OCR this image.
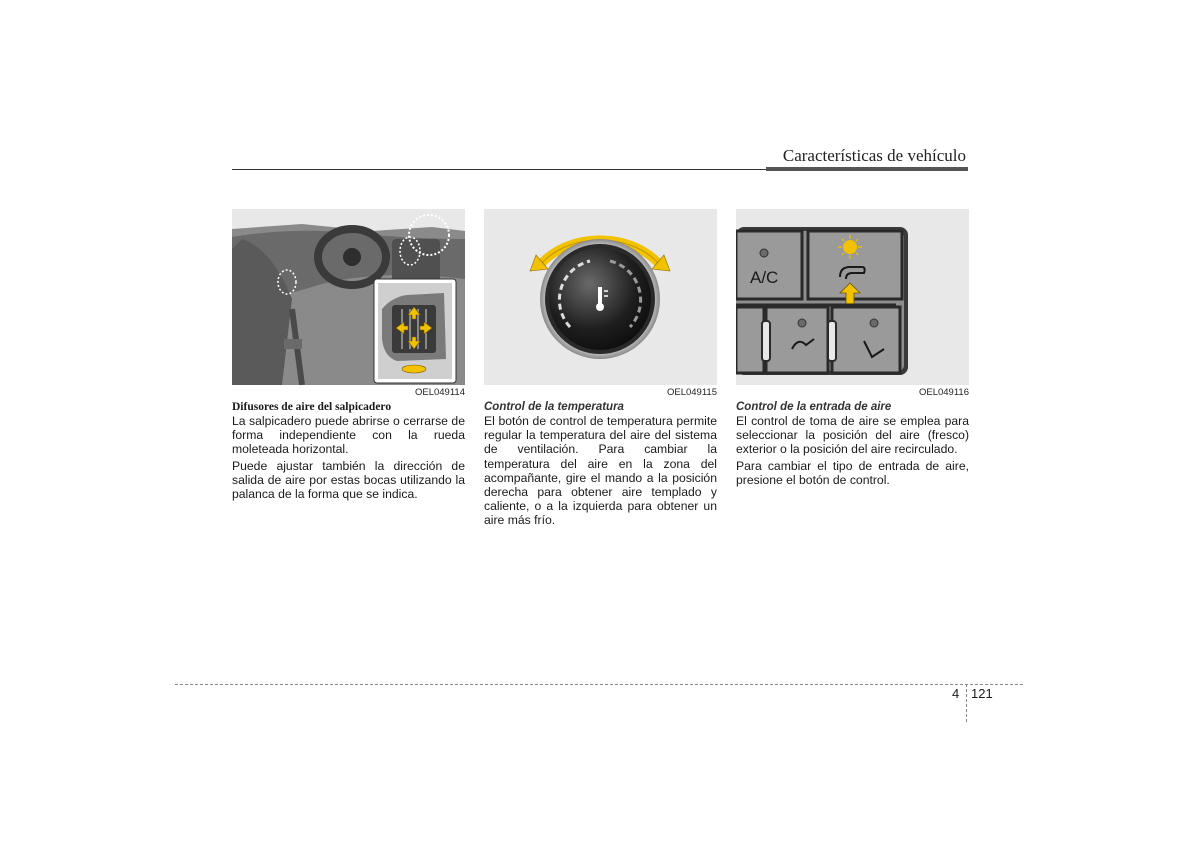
Características de vehículo
OEL049114
Difusores de aire del salpicadero

La salpicadero puede abrirse o cerrarse de forma independiente con la rueda moleteada horizontal.

Puede ajustar también la dirección de salida de aire por estas bocas utilizando la palanca de la forma que se indica.

OEL049115
Control de la temperatura

El botón de control de temperatura permite regular la temperatura del aire del sistema de ventilación. Para cambiar la temperatura del aire en la zona del acompañante, gire el mando a la posición derecha para obtener aire templado y caliente, o a la izquierda para obtener un aire más frío.

A/C
OEL049116
Control de la entrada de aire

El control de toma de aire se emplea para seleccionar la posición del aire (fresco) exterior o la posición del aire recirculado.

Para cambiar el tipo de entrada de aire, presione el botón de control.

4 121
